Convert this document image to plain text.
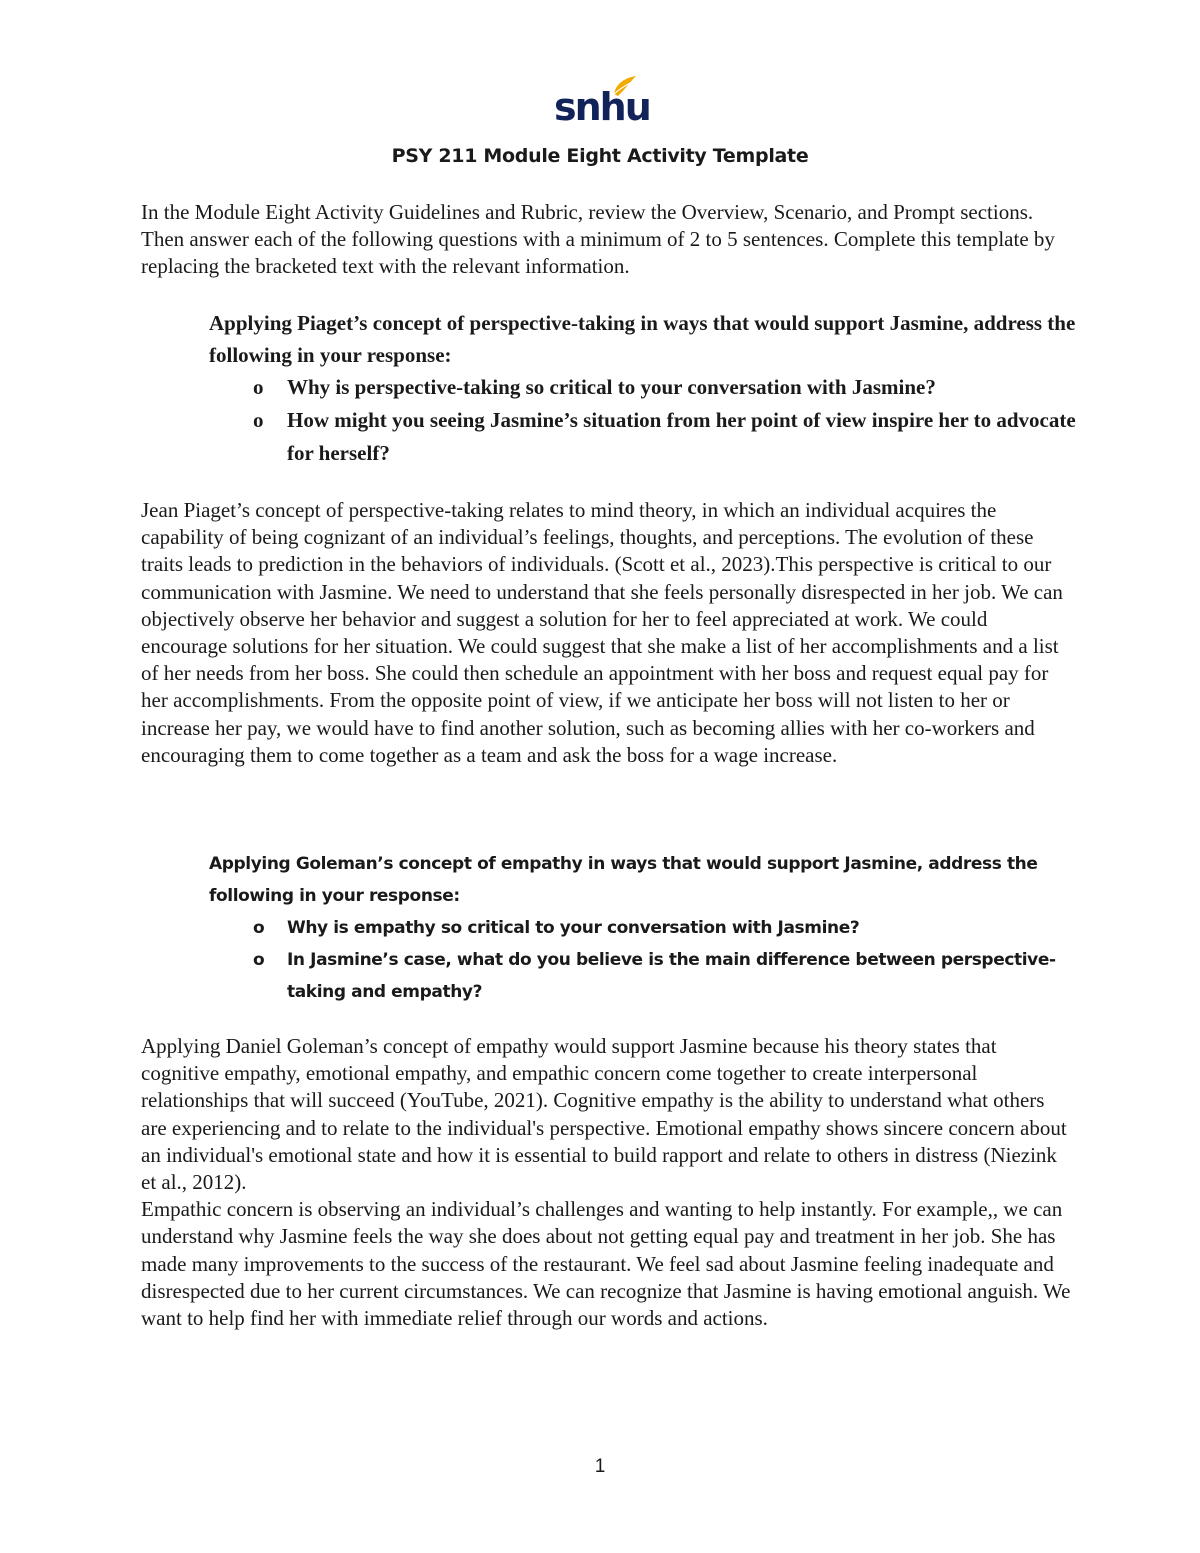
snhu
PSY 211 Module Eight Activity Template

In the Module Eight Activity Guidelines and Rubric, review the Overview, Scenario, and Prompt sections. Then answer each of the following questions with a minimum of 2 to 5 sentences. Complete this template by replacing the bracketed text with the relevant information.

Applying Piaget’s concept of perspective-taking in ways that would support Jasmine, address the following in your response:

o Why is perspective-taking so critical to your conversation with Jasmine?
o How might you seeing Jasmine’s situation from her point of view inspire her to advocate for herself?

Jean Piaget’s concept of perspective-taking relates to mind theory, in which an individual acquires the capability of being cognizant of an individual’s feelings, thoughts, and perceptions. The evolution of these traits leads to prediction in the behaviors of individuals. (Scott et al., 2023).This perspective is critical to our communication with Jasmine. We need to understand that she feels personally disrespected in her job. We can objectively observe her behavior and suggest a solution for her to feel appreciated at work. We could encourage solutions for her situation. We could suggest that she make a list of her accomplishments and a list of her needs from her boss. She could then schedule an appointment with her boss and request equal pay for her accomplishments. From the opposite point of view, if we anticipate her boss will not listen to her or increase her pay, we would have to find another solution, such as becoming allies with her co-workers and encouraging them to come together as a team and ask the boss for a wage increase.

Applying Goleman’s concept of empathy in ways that would support Jasmine, address the following in your response:

o Why is empathy so critical to your conversation with Jasmine?
o In Jasmine’s case, what do you believe is the main difference between perspective-taking and empathy?

Applying Daniel Goleman’s concept of empathy would support Jasmine because his theory states that cognitive empathy, emotional empathy, and empathic concern come together to create interpersonal relationships that will succeed (YouTube, 2021). Cognitive empathy is the ability to understand what others are experiencing and to relate to the individual's perspective. Emotional empathy shows sincere concern about an individual's emotional state and how it is essential to build rapport and relate to others in distress (Niezink et al., 2012).

Empathic concern is observing an individual’s challenges and wanting to help instantly. For example,, we can understand why Jasmine feels the way she does about not getting equal pay and treatment in her job. She has made many improvements to the success of the restaurant. We feel sad about Jasmine feeling inadequate and disrespected due to her current circumstances. We can recognize that Jasmine is having emotional anguish. We want to help find her with immediate relief through our words and actions.

1
